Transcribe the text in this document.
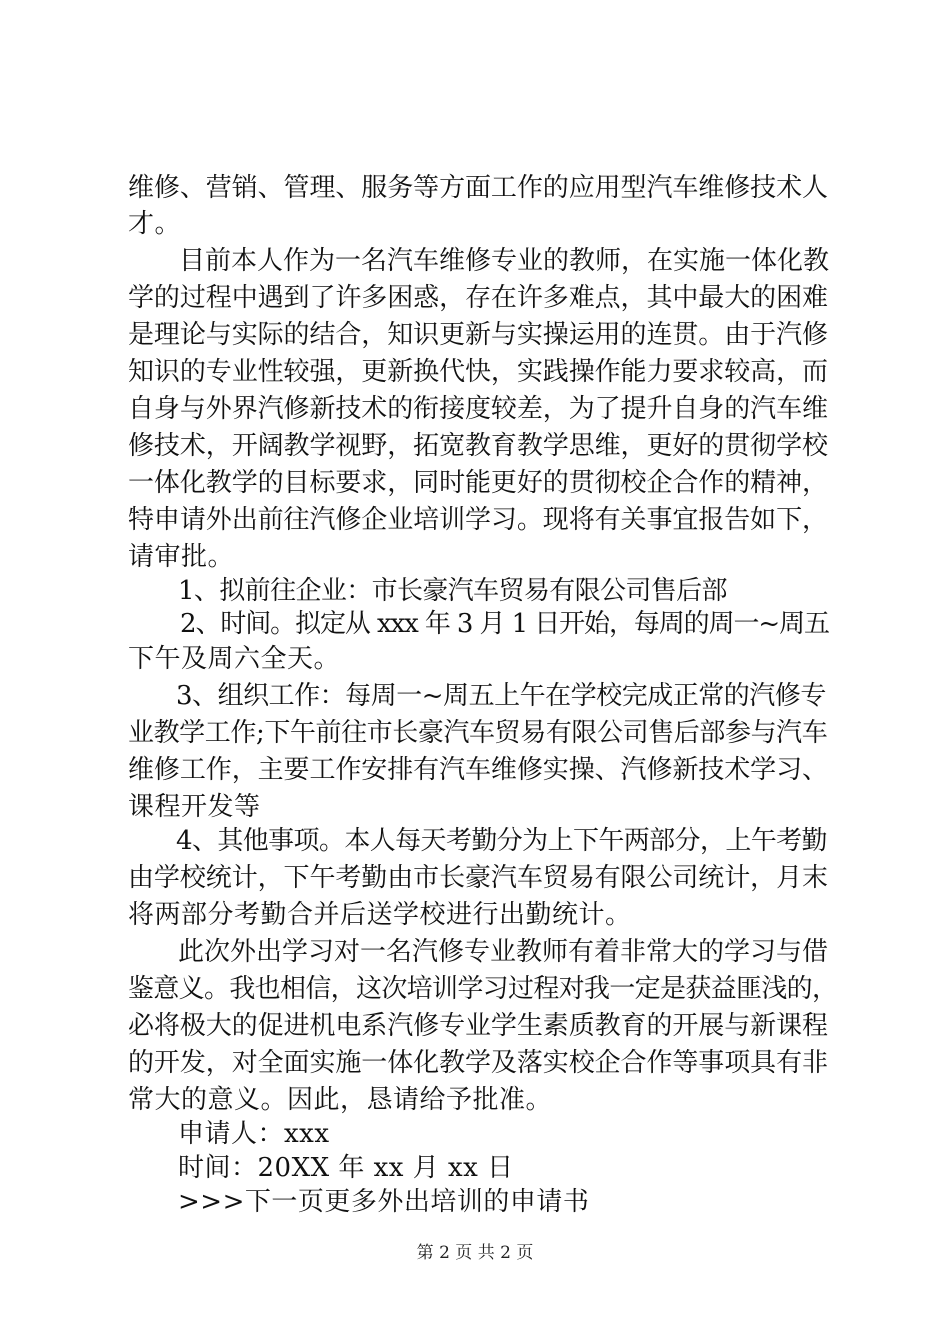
维修、营销、管理、服务等方面工作的应用型汽车维修技术人
才。
目前本人作为一名汽车维修专业的教师，在实施一体化教
学的过程中遇到了许多困惑，存在许多难点，其中最大的困难
是理论与实际的结合，知识更新与实操运用的连贯。由于汽修
知识的专业性较强，更新换代快，实践操作能力要求较高，而
自身与外界汽修新技术的衔接度较差，为了提升自身的汽车维
修技术，开阔教学视野，拓宽教育教学思维，更好的贯彻学校
一体化教学的目标要求，同时能更好的贯彻校企合作的精神，
特申请外出前往汽修企业培训学习。现将有关事宜报告如下，
请审批。
1、拟前往企业：市长豪汽车贸易有限公司售后部
2、时间。拟定从 xxx 年 3 月 1 日开始，每周的周一~周五
下午及周六全天。
3、组织工作：每周一~周五上午在学校完成正常的汽修专
业教学工作;下午前往市长豪汽车贸易有限公司售后部参与汽车
维修工作，主要工作安排有汽车维修实操、汽修新技术学习、
课程开发等
4、其他事项。本人每天考勤分为上下午两部分，上午考勤
由学校统计，下午考勤由市长豪汽车贸易有限公司统计，月末
将两部分考勤合并后送学校进行出勤统计。
此次外出学习对一名汽修专业教师有着非常大的学习与借
鉴意义。我也相信，这次培训学习过程对我一定是获益匪浅的，
必将极大的促进机电系汽修专业学生素质教育的开展与新课程
的开发，对全面实施一体化教学及落实校企合作等事项具有非
常大的意义。因此，恳请给予批准。
申请人：xxx
时间：20XX 年 xx 月 xx 日
>>>下一页更多外出培训的申请书
第 2 页 共 2 页
